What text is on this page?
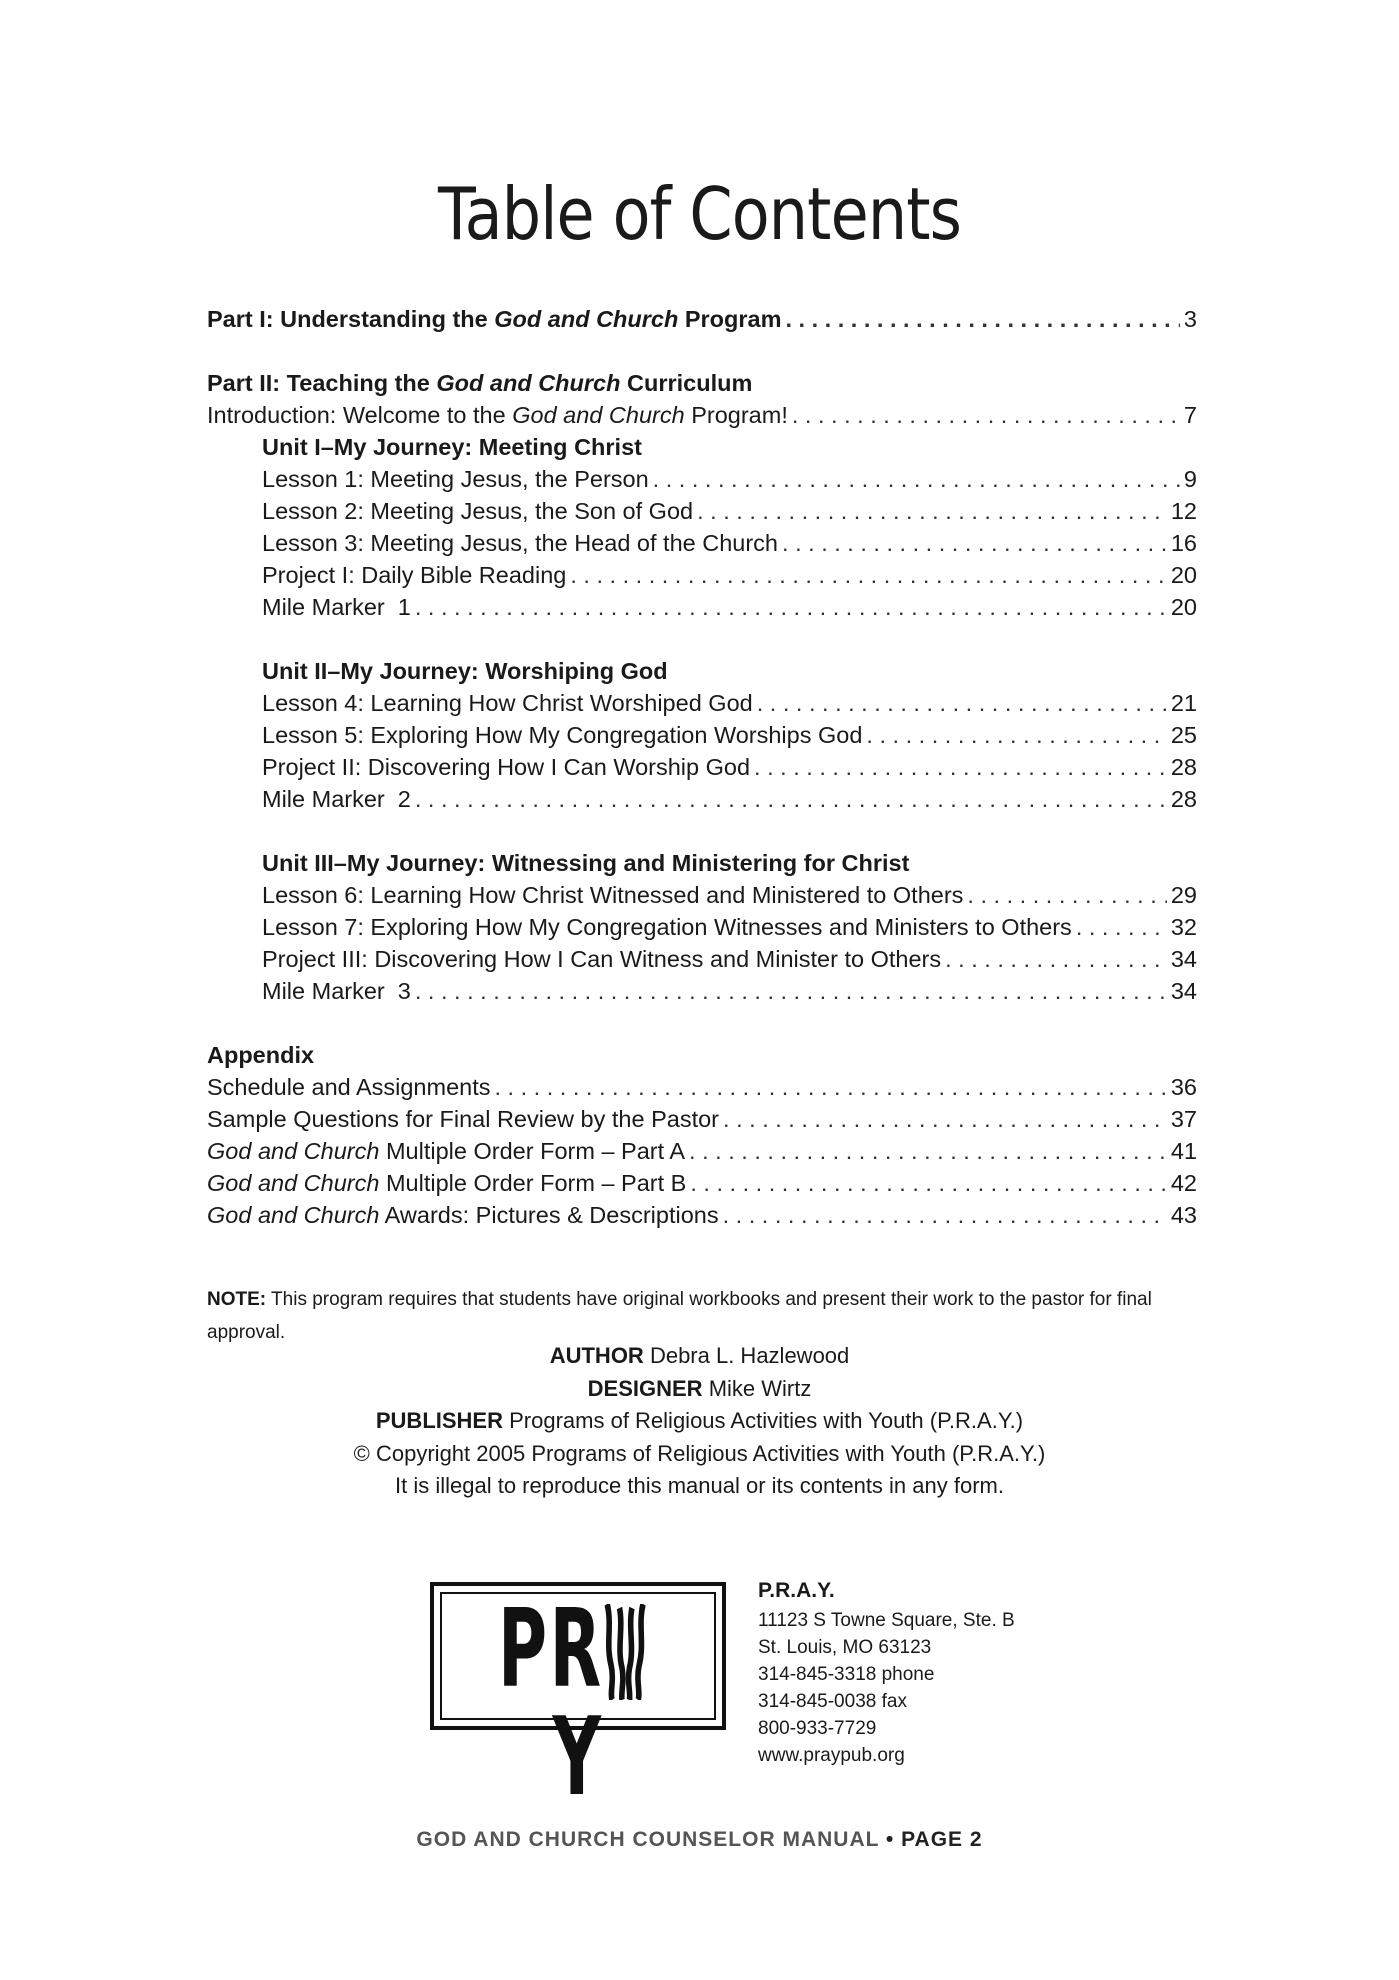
Table of Contents
Part I: Understanding the God and Church Program . . .	3
Part II: Teaching the God and Church Curriculum
Introduction: Welcome to the God and Church Program! . . .	7
Unit I–My Journey: Meeting Christ
Lesson 1: Meeting Jesus, the Person . . .	9
Lesson 2: Meeting Jesus, the Son of God . . .	12
Lesson 3: Meeting Jesus, the Head of the Church . . .	16
Project I: Daily Bible Reading . . .	20
Mile Marker  1 . . .	20
Unit II–My Journey: Worshiping God
Lesson 4: Learning How Christ Worshiped God . . .	21
Lesson 5: Exploring How My Congregation Worships God . . .	25
Project II: Discovering How I Can Worship God . . .	28
Mile Marker  2 . . .	28
Unit III–My Journey: Witnessing and Ministering for Christ
Lesson 6: Learning How Christ Witnessed and Ministered to Others . . .	29
Lesson 7: Exploring How My Congregation Witnesses and Ministers to Others . . .	32
Project III: Discovering How I Can Witness and Minister to Others . . .	34
Mile Marker  3 . . .	34
Appendix
Schedule and Assignments . . .	36
Sample Questions for Final Review by the Pastor . . .	37
God and Church Multiple Order Form – Part A . . .	41
God and Church Multiple Order Form – Part B . . .	42
God and Church Awards: Pictures & Descriptions . . .	43
NOTE: This program requires that students have original workbooks and present their work to the pastor for final approval.
AUTHOR Debra L. Hazlewood
DESIGNER Mike Wirtz
PUBLISHER Programs of Religious Activities with Youth (P.R.A.Y.)
© Copyright 2005 Programs of Religious Activities with Youth (P.R.A.Y.)
It is illegal to reproduce this manual or its contents in any form.
PR
Y
P.R.A.Y.
11123 S Towne Square, Ste. B
St. Louis, MO 63123
314-845-3318 phone
314-845-0038 fax
800-933-7729
www.praypub.org
GOD AND CHURCH COUNSELOR MANUAL • PAGE 2
